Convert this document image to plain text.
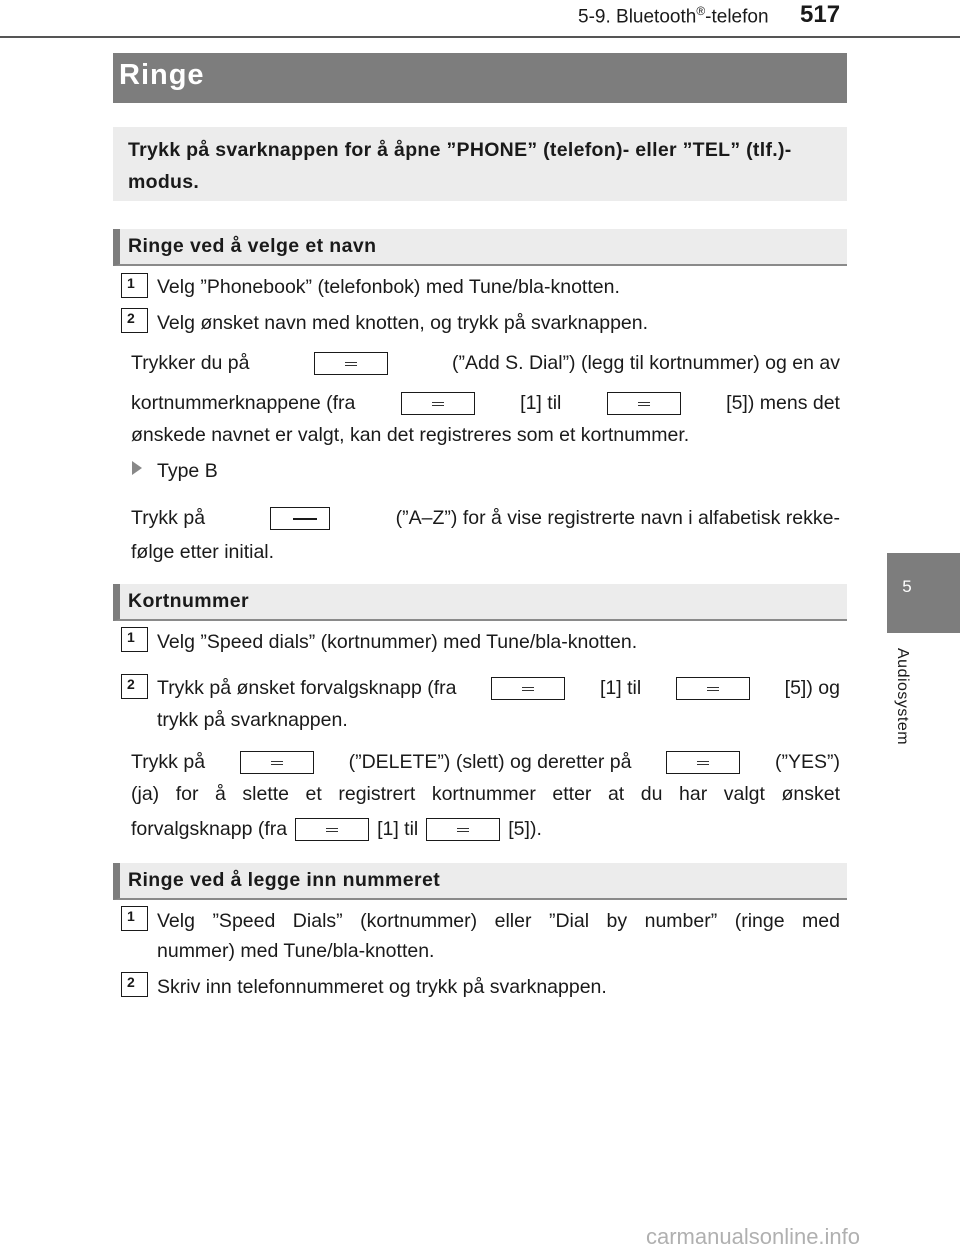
5-9. Bluetooth®-telefon 517
5
Audiosystem
Ringe
Trykk på svarknappen for å åpne ”PHONE” (telefon)- eller ”TEL” (tlf.)-modus.
Ringe ved å velge et navn
1	Velg ”Phonebook” (telefonbok) med Tune/bla-knotten.
2	Velg ønsket navn med knotten, og trykk på svarknappen.
Trykker du på	(”Add S. Dial”) (legg til kortnummer) og en av
kortnummerknappene (fra	[1] til	[5]) mens det
ønskede navnet er valgt, kan det registreres som et kortnummer.
Type B
Trykk på	(”A–Z”) for å vise registrerte navn i alfabetisk rekke-
følge etter initial.
Kortnummer
1	Velg ”Speed dials” (kortnummer) med Tune/bla-knotten.
2	Trykk på ønsket forvalgsknapp (fra	[1] til	[5]) og
trykk på svarknappen.
Trykk på	(”DELETE”) (slett) og deretter på	(”YES”)
(ja) for å slette et registrert kortnummer etter at du har valgt ønsket
forvalgsknapp (fra	[1] til	[5]).
Ringe ved å legge inn nummeret
1	Velg ”Speed Dials” (kortnummer) eller ”Dial by number” (ringe med
nummer) med Tune/bla-knotten.
2	Skriv inn telefonnummeret og trykk på svarknappen.
carmanualsonline.info
